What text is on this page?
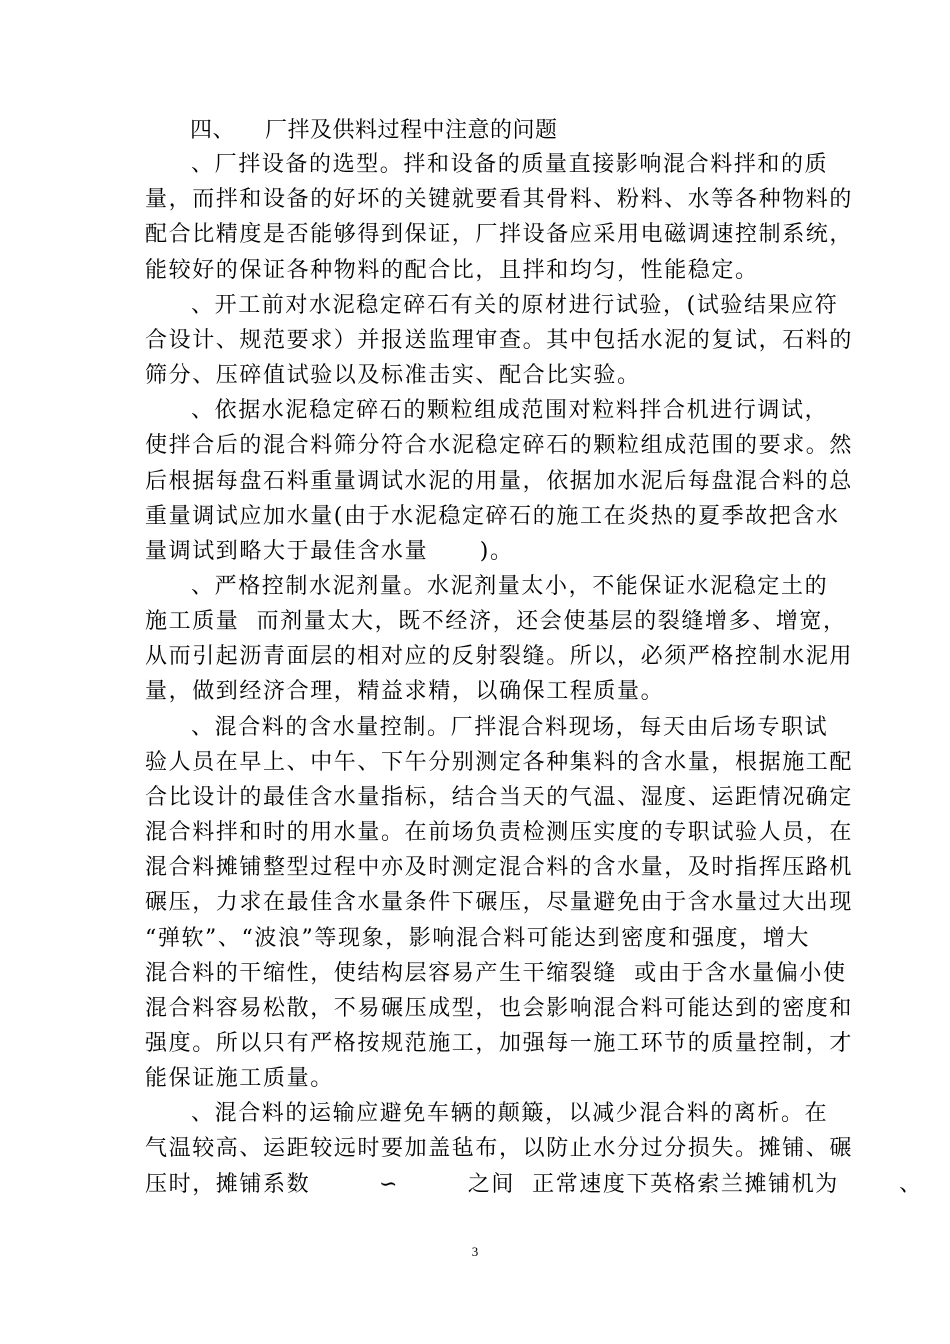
四、    厂拌及供料过程中注意的问题
、厂拌设备的选型。拌和设备的质量直接影响混合料拌和的质
量，而拌和设备的好坏的关键就要看其骨料、粉料、水等各种物料的
配合比精度是否能够得到保证，厂拌设备应采用电磁调速控制系统，
能较好的保证各种物料的配合比，且拌和均匀，性能稳定。
、开工前对水泥稳定碎石有关的原材进行试验，(试验结果应符
合设计、规范要求）并报送监理审查。其中包括水泥的复试，石料的
筛分、压碎值试验以及标准击实、配合比实验。
、依据水泥稳定碎石的颗粒组成范围对粒料拌合机进行调试，
使拌合后的混合料筛分符合水泥稳定碎石的颗粒组成范围的要求。然
后根据每盘石料重量调试水泥的用量，依据加水泥后每盘混合料的总
重量调试应加水量(由于水泥稳定碎石的施工在炎热的夏季故把含水
量调试到略大于最佳含水量      )。
、严格控制水泥剂量。水泥剂量太小，不能保证水泥稳定土的
施工质量  而剂量太大，既不经济，还会使基层的裂缝增多、增宽，
从而引起沥青面层的相对应的反射裂缝。所以，必须严格控制水泥用
量，做到经济合理，精益求精，以确保工程质量。
、混合料的含水量控制。厂拌混合料现场，每天由后场专职试
验人员在早上、中午、下午分别测定各种集料的含水量，根据施工配
合比设计的最佳含水量指标，结合当天的气温、湿度、运距情况确定
混合料拌和时的用水量。在前场负责检测压实度的专职试验人员，在
混合料摊铺整型过程中亦及时测定混合料的含水量，及时指挥压路机
碾压，力求在最佳含水量条件下碾压，尽量避免由于含水量过大出现
“弹软”、“波浪”等现象，影响混合料可能达到密度和强度，增大
混合料的干缩性，使结构层容易产生干缩裂缝  或由于含水量偏小使
混合料容易松散，不易碾压成型，也会影响混合料可能达到的密度和
强度。所以只有严格按规范施工，加强每一施工环节的质量控制，才
能保证施工质量。
、混合料的运输应避免车辆的颠簸，以减少混合料的离析。在
气温较高、运距较远时要加盖毡布，以防止水分过分损失。摊铺、碾
压时，摊铺系数        ∽        之间  正常速度下英格索兰摊铺机为       、
3
